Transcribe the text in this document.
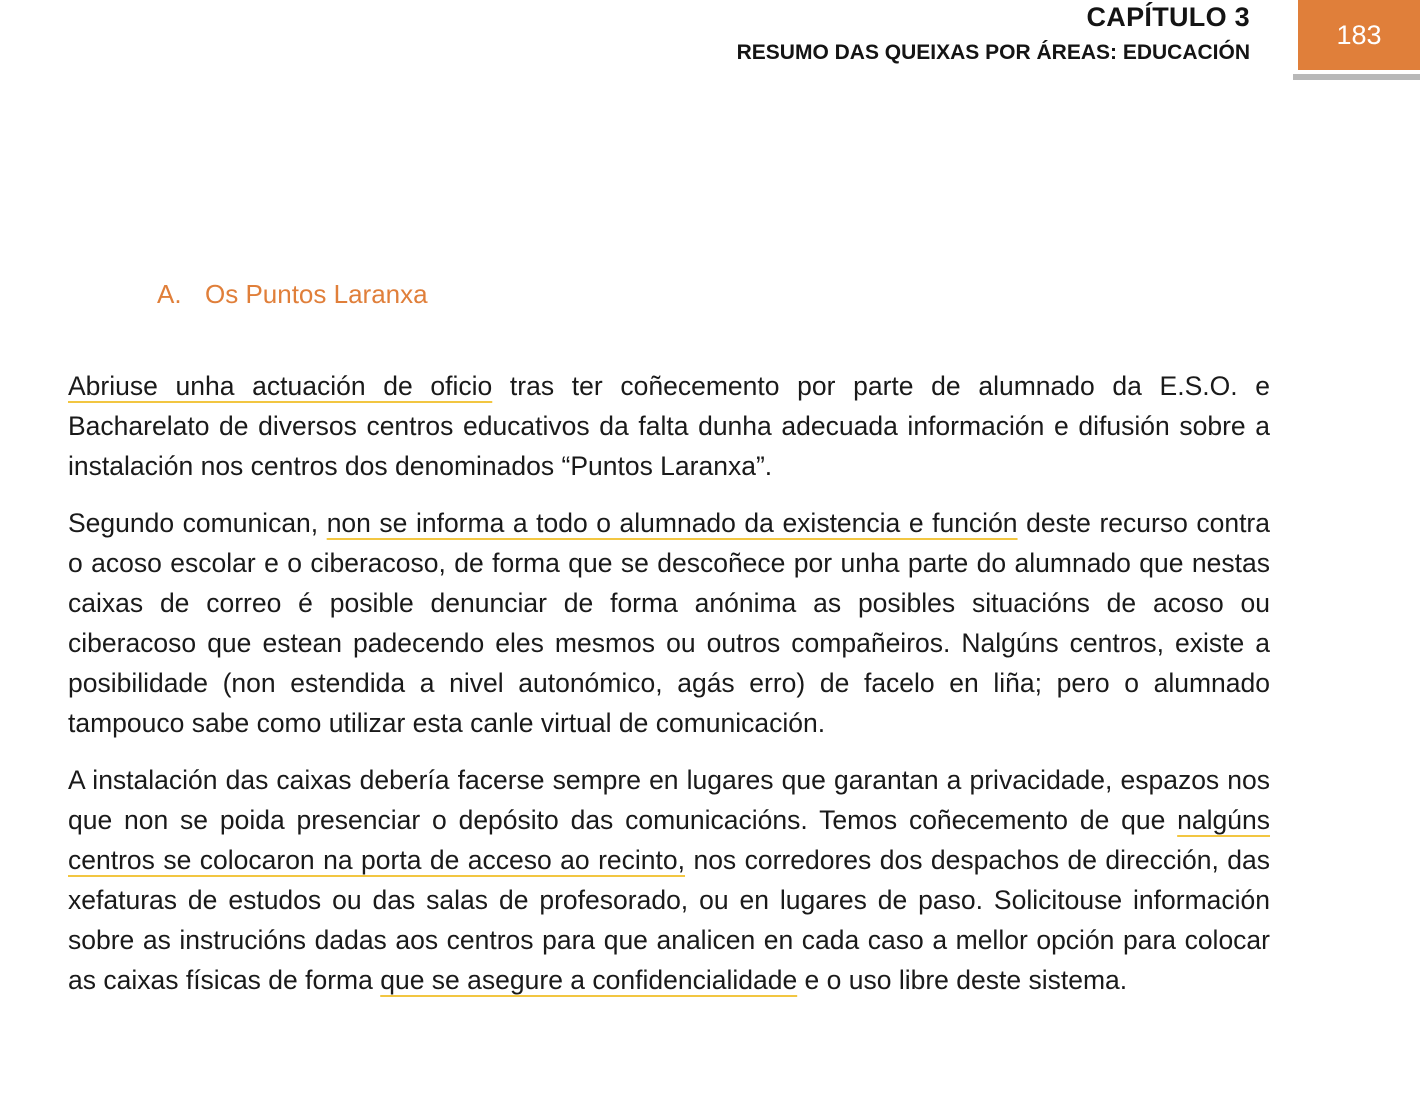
CAPÍTULO 3
RESUMO DAS QUEIXAS POR ÁREAS: EDUCACIÓN
183
A. Os Puntos Laranxa

Abriuse unha actuación de oficio tras ter coñecemento por parte de alumnado da E.S.O. e Bacharelato de diversos centros educativos da falta dunha adecuada información e difusión sobre a instalación nos centros dos denominados “Puntos Laranxa”.

Segundo comunican, non se informa a todo o alumnado da existencia e función deste recurso contra o acoso escolar e o ciberacoso, de forma que se descoñece por unha parte do alumnado que nestas caixas de correo é posible denunciar de forma anónima as posibles situacións de acoso ou ciberacoso que estean padecendo eles mesmos ou outros compañeiros. Nalgúns centros, existe a posibilidade (non estendida a nivel autonómico, agás erro) de facelo en liña; pero o alumnado tampouco sabe como utilizar esta canle virtual de comunicación.

A instalación das caixas debería facerse sempre en lugares que garantan a privacidade, espazos nos que non se poida presenciar o depósito das comunicacións. Temos coñecemento de que nalgúns centros se colocaron na porta de acceso ao recinto, nos corredores dos despachos de dirección, das xefaturas de estudos ou das salas de profesorado, ou en lugares de paso. Solicitouse información sobre as instrucións dadas aos centros para que analicen en cada caso a mellor opción para colocar as caixas físicas de forma que se asegure a confidencialidade e o uso libre deste sistema.
